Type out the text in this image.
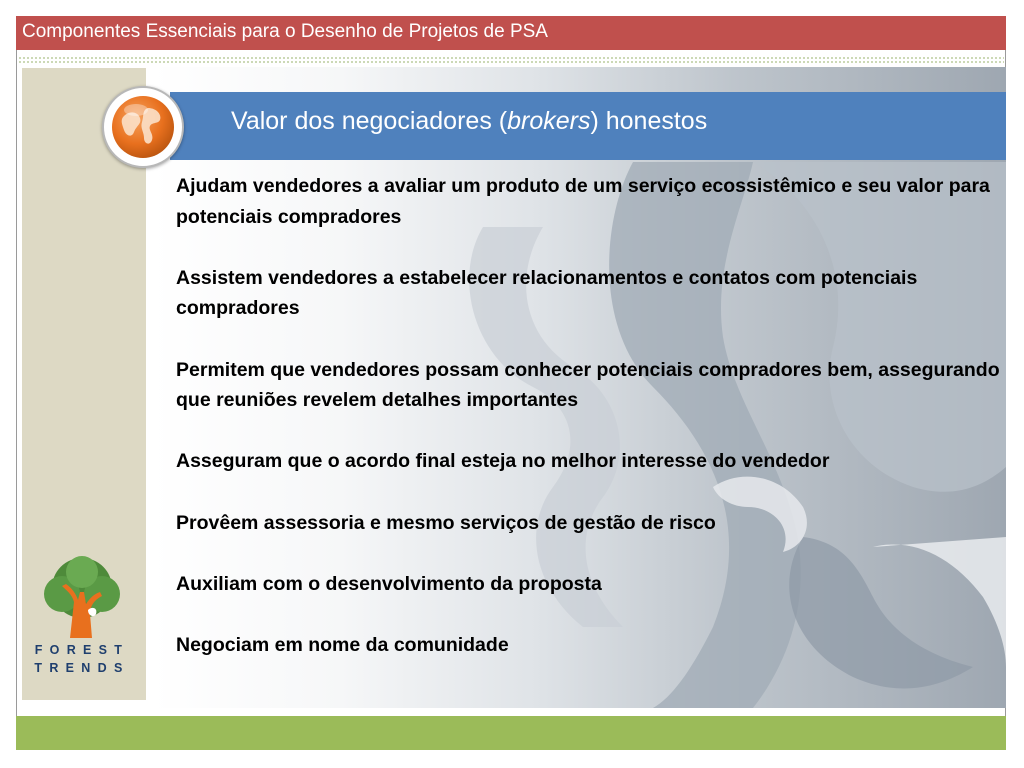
Componentes Essenciais para o Desenho de Projetos de PSA
Valor dos negociadores (brokers) honestos
Ajudam vendedores a avaliar um produto de um serviço ecossistêmico e seu valor para potenciais compradores
Assistem vendedores a estabelecer relacionamentos e contatos com potenciais compradores
Permitem que vendedores possam conhecer potenciais compradores bem, assegurando que reuniões revelem detalhes importantes
Asseguram que o acordo final esteja no melhor interesse do vendedor
Provêem assessoria e mesmo serviços de gestão de risco
Auxiliam com o desenvolvimento da proposta
Negociam em nome da comunidade
FOREST
TRENDS
